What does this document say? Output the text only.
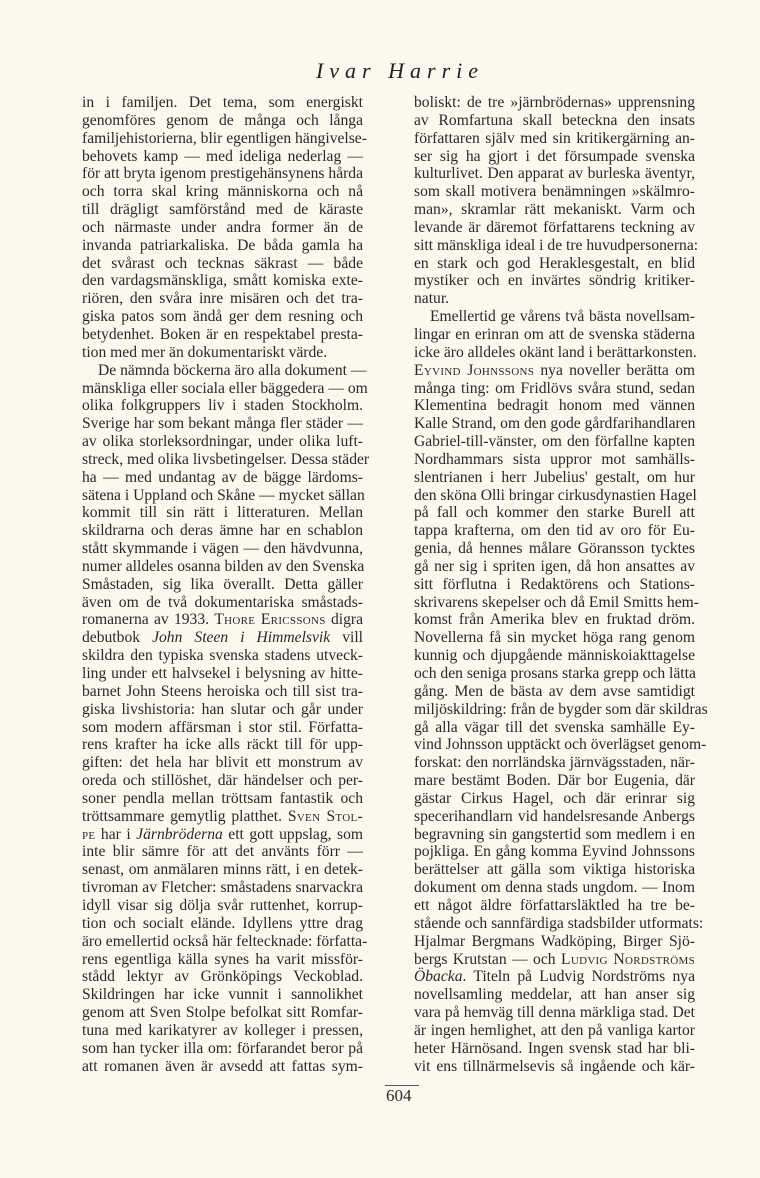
Ivar Harrie
in i familjen. Det tema, som energiskt
genomföres genom de många och långa
familjehistorierna, blir egentligen hängivelse-
behovets kamp — med ideliga nederlag —
för att bryta igenom prestigehänsynens hårda
och torra skal kring människorna och nå
till drägligt samförstånd med de käraste
och närmaste under andra former än de
invanda patriarkaliska. De båda gamla ha
det svårast och tecknas säkrast — både
den vardagsmänskliga, smått komiska exte-
riören, den svåra inre misären och det tra-
giska patos som ändå ger dem resning och
betydenhet. Boken är en respektabel presta-
tion med mer än dokumentariskt värde.
De nämnda böckerna äro alla dokument —
mänskliga eller sociala eller bäggedera — om
olika folkgruppers liv i staden Stockholm.
Sverige har som bekant många fler städer —
av olika storleksordningar, under olika luft-
streck, med olika livsbetingelser. Dessa städer
ha — med undantag av de bägge lärdoms-
sätena i Uppland och Skåne — mycket sällan
kommit till sin rätt i litteraturen. Mellan
skildrarna och deras ämne har en schablon
stått skymmande i vägen — den hävdvunna,
numer alldeles osanna bilden av den Svenska
Småstaden, sig lika överallt. Detta gäller
även om de två dokumentariska småstads-
romanerna av 1933. Thore Ericssons digra
debutbok John Steen i Himmelsvik vill
skildra den typiska svenska stadens utveck-
ling under ett halvsekel i belysning av hitte-
barnet John Steens heroiska och till sist tra-
giska livshistoria: han slutar och går under
som modern affärsman i stor stil. Författa-
rens krafter ha icke alls räckt till för upp-
giften: det hela har blivit ett monstrum av
oreda och stillöshet, där händelser och per-
soner pendla mellan tröttsam fantastik och
tröttsammare gemytlig platthet. Sven Stol-
pe har i Järnbröderna ett gott uppslag, som
inte blir sämre för att det använts förr —
senast, om anmälaren minns rätt, i en detek-
tivroman av Fletcher: småstadens snarvackra
idyll visar sig dölja svår ruttenhet, korrup-
tion och socialt elände. Idyllens yttre drag
äro emellertid också här feltecknade: författa-
rens egentliga källa synes ha varit missför-
stådd lektyr av Grönköpings Veckoblad.
Skildringen har icke vunnit i sannolikhet
genom att Sven Stolpe befolkat sitt Romfar-
tuna med karikatyrer av kolleger i pressen,
som han tycker illa om: förfarandet beror på
att romanen även är avsedd att fattas sym-
boliskt: de tre »järnbrödernas» upprensning
av Romfartuna skall beteckna den insats
författaren själv med sin kritikergärning an-
ser sig ha gjort i det försumpade svenska
kulturlivet. Den apparat av burleska äventyr,
som skall motivera benämningen »skälmro-
man», skramlar rätt mekaniskt. Varm och
levande är däremot författarens teckning av
sitt mänskliga ideal i de tre huvudpersonerna:
en stark och god Heraklesgestalt, en blid
mystiker och en invärtes söndrig kritiker-
natur.
Emellertid ge vårens två bästa novellsam-
lingar en erinran om att de svenska städerna
icke äro alldeles okänt land i berättarkonsten.
Eyvind Johnssons nya noveller berätta om
många ting: om Fridlövs svåra stund, sedan
Klementina bedragit honom med vännen
Kalle Strand, om den gode gårdfarihandlaren
Gabriel-till-vänster, om den förfallne kapten
Nordhammars sista uppror mot samhälls-
slentrianen i herr Jubelius' gestalt, om hur
den sköna Olli bringar cirkusdynastien Hagel
på fall och kommer den starke Burell att
tappa krafterna, om den tid av oro för Eu-
genia, då hennes målare Göransson tycktes
gå ner sig i spriten igen, då hon ansattes av
sitt förflutna i Redaktörens och Stations-
skrivarens skepelser och då Emil Smitts hem-
komst från Amerika blev en fruktad dröm.
Novellerna få sin mycket höga rang genom
kunnig och djupgående människoiakttagelse
och den seniga prosans starka grepp och lätta
gång. Men de bästa av dem avse samtidigt
miljöskildring: från de bygder som där skildras
gå alla vägar till det svenska samhälle Ey-
vind Johnsson upptäckt och överlägset genom-
forskat: den norrländska järnvägsstaden, när-
mare bestämt Boden. Där bor Eugenia, där
gästar Cirkus Hagel, och där erinrar sig
specerihandlarn vid handelsresande Anbergs
begravning sin gangstertid som medlem i en
pojkliga. En gång komma Eyvind Johnssons
berättelser att gälla som viktiga historiska
dokument om denna stads ungdom. — Inom
ett något äldre författarsläktled ha tre be-
stående och sannfärdiga stadsbilder utformats:
Hjalmar Bergmans Wadköping, Birger Sjö-
bergs Krutstan — och Ludvig Nordströms
Öbacka. Titeln på Ludvig Nordströms nya
novellsamling meddelar, att han anser sig
vara på hemväg till denna märkliga stad. Det
är ingen hemlighet, att den på vanliga kartor
heter Härnösand. Ingen svensk stad har bli-
vit ens tillnärmelsevis så ingående och kär-
604
